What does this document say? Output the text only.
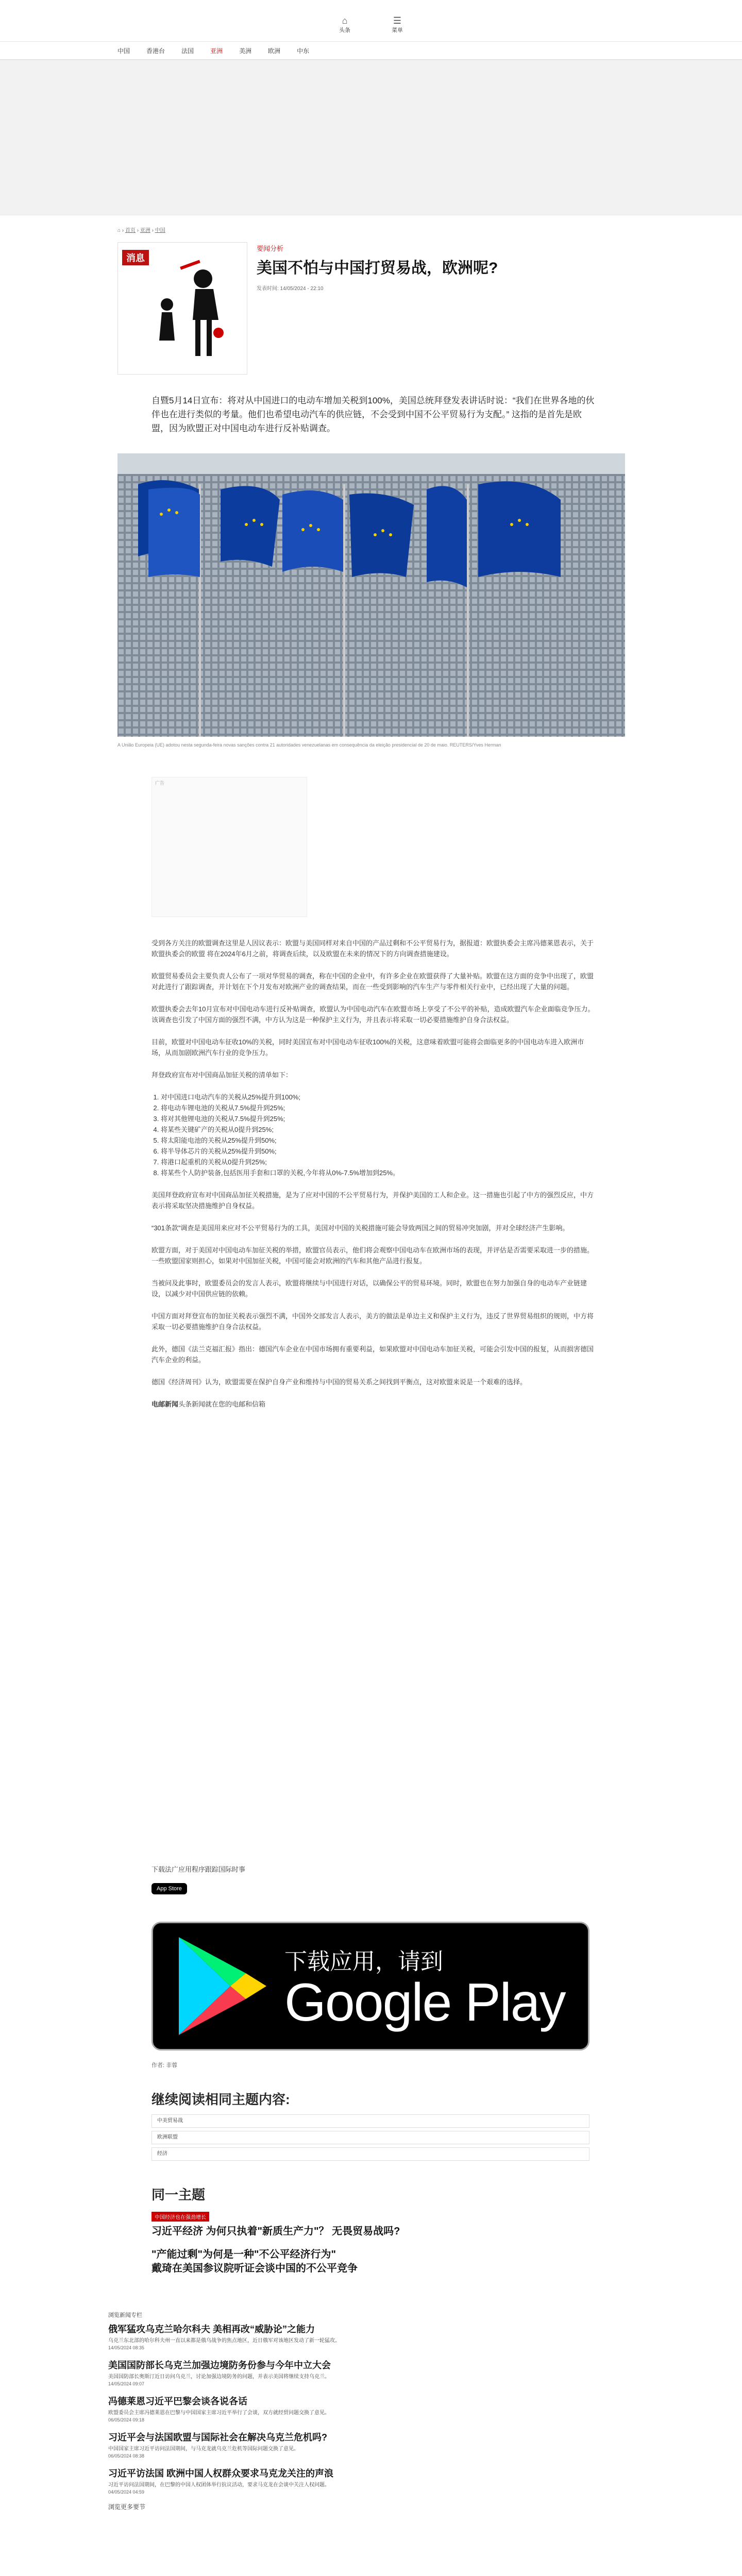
⌂
头条
☰
菜单
中国	香港台	法国	亚洲	美洲	欧洲	中东
⌂ › 首页 › 亚洲 › 中国
消息
要闻分析
美国不怕与中国打贸易战，欧洲呢?
发表时间: 14/05/2024 - 22:10
自暨5月14日宣布：将对从中国进口的电动车增加关税到100%，美国总统拜登发表讲话时说：“我们在世界各地的伙伴也在进行类似的考量。他们也希望电动汽车的供应链，不会受到中国不公平贸易行为支配。” 这指的是首先是欧盟，因为欧盟正对中国电动车进行反补贴调查。
A União Europeia (UE) adotou nesta segunda-feira novas sanções contra 21 autoridades venezuelanas em consequência da eleição presidencial de 20 de maio. REUTERS/Yves Herman
广告

受到各方关注的欧盟调查这里是人因议表示：欧盟与美国同样对来自中国的产品过剩和不公平贸易行为，据报道：欧盟执委会主席冯德莱恩表示，关于欧盟执委会的欧盟 将在2024年6月之前，将调查后续，以及欧盟在未来的情况下的方向调查措施建设。

欧盟贸易委员会主要负责人公布了一项对华贸易的调查，称在中国的企业中，有许多企业在欧盟获得了大量补贴。欧盟在这方面的竞争中出现了，欧盟对此进行了跟踪调查，并计划在下个月发布对欧洲产业的调查结果，而在一些受到影响的汽车生产与零件相关行业中，已经出现了大量的问题。

欧盟执委会去年10月宣布对中国电动车进行反补贴调查，欧盟认为中国电动汽车在欧盟市场上享受了不公平的补贴，造成欧盟汽车企业面临竞争压力。该调查也引发了中国方面的强烈不满，中方认为这是一种保护主义行为，并且表示将采取一切必要措施维护自身合法权益。

目前，欧盟对中国电动车征收10%的关税，同时美国宣布对中国电动车征收100%的关税，这意味着欧盟可能将会面临更多的中国电动车进入欧洲市场，从而加剧欧洲汽车行业的竞争压力。

拜登政府宣布对中国商品加征关税的清单如下：

1. 对中国进口电动汽车的关税从25%提升到100%;
2. 将电动车锂电池的关税从7.5%提升到25%;
3. 将对其他锂电池的关税从7.5%提升到25%;
4. 将某些关键矿产的关税从0提升到25%;
5. 将太阳能电池的关税从25%提升到50%;
6. 将半导体芯片的关税从25%提升到50%;
7. 将港口起重机的关税从0提升到25%;
8. 将某些个人防护装备,包括医用手套和口罩的关税,今年将从0%-7.5%增加到25%。

美国拜登政府宣布对中国商品加征关税措施，是为了应对中国的不公平贸易行为，并保护美国的工人和企业。这一措施也引起了中方的强烈反应，中方表示将采取坚决措施维护自身权益。

“301条款”调查是美国用来应对不公平贸易行为的工具，美国对中国的关税措施可能会导致两国之间的贸易冲突加剧，并对全球经济产生影响。

欧盟方面，对于美国对中国电动车加征关税的举措，欧盟官员表示，他们将会观察中国电动车在欧洲市场的表现，并评估是否需要采取进一步的措施。一些欧盟国家则担心，如果对中国加征关税，中国可能会对欧洲的汽车和其他产品进行报复。

当被问及此事时，欧盟委员会的发言人表示，欧盟将继续与中国进行对话，以确保公平的贸易环境。同时，欧盟也在努力加强自身的电动车产业链建设，以减少对中国供应链的依赖。

中国方面对拜登宣布的加征关税表示强烈不满，中国外交部发言人表示，美方的做法是单边主义和保护主义行为，违反了世界贸易组织的规则，中方将采取一切必要措施维护自身合法权益。

此外，德国《法兰克福汇报》指出：德国汽车企业在中国市场拥有重要利益，如果欧盟对中国电动车加征关税，可能会引发中国的报复，从而损害德国汽车企业的利益。

德国《经济周刊》认为，欧盟需要在保护自身产业和维持与中国的贸易关系之间找到平衡点，这对欧盟来说是一个艰难的选择。

电邮新闻头条新闻就在您的电邮和信箱

下载法广应用程序跟踪国际时事
App Store
下载应用，请到
Google Play
作者: 非蓉
继续阅读相同主题内容:
中美贸易战
欧洲联盟
经济
同一主题
中国经济也在强劲增长
习近平经济 为何只执着"新质生产力"？ 无畏贸易战吗?
"产能过剩"为何是一种"不公平经济行为"
戴琦在美国参议院听证会谈中国的不公平竞争
浏览新闻专栏
俄军猛攻乌克兰哈尔科夫 美相再改“威胁论”之能力
乌克兰东北部的哈尔科夫州一直以来都是俄乌战争的焦点地区，近日俄军对该地区发动了新一轮猛攻。
14/05/2024 08:35
美国国防部长乌克兰加强边境防务份参与今年中立大会
美国国防部长奥斯汀近日访问乌克兰，讨论加强边境防务的问题，并表示美国将继续支持乌克兰。
14/05/2024 09:07
冯德莱恩习近平巴黎会谈各说各话
欧盟委员会主席冯德莱恩在巴黎与中国国家主席习近平举行了会谈，双方就经贸问题交换了意见。
06/05/2024 09:18
习近平会与法国欧盟与国际社会在解决乌克兰危机吗?
中国国家主席习近平访问法国期间，与马克龙就乌克兰危机等国际问题交换了意见。
06/05/2024 08:38
习近平访法国 欧洲中国人权群众要求马克龙关注的声浪
习近平访问法国期间，在巴黎的中国人权团体举行抗议活动，要求马克龙在会谈中关注人权问题。
04/05/2024 04:59
浏览更多要节
